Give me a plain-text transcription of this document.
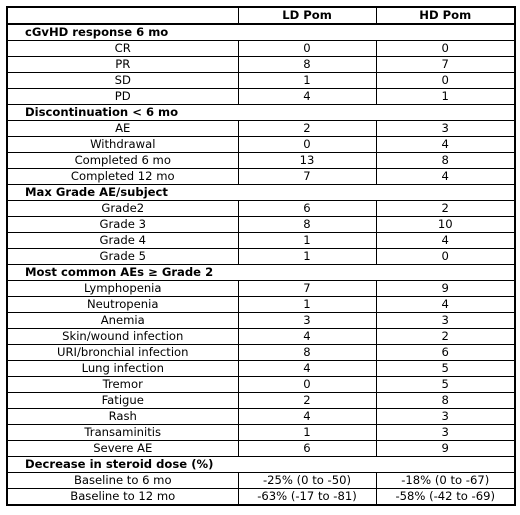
	LD Pom	HD Pom
cGvHD response 6 mo		
CR	0	0
PR	8	7
SD	1	0
PD	4	1
Discontinuation < 6 mo		
AE	2	3
Withdrawal	0	4
Completed 6 mo	13	8
Completed 12 mo	7	4
Max Grade AE/subject		
Grade2	6	2
Grade 3	8	10
Grade 4	1	4
Grade 5	1	0
Most common AEs ≥ Grade 2		
Lymphopenia	7	9
Neutropenia	1	4
Anemia	3	3
Skin/wound infection	4	2
URI/bronchial infection	8	6
Lung infection	4	5
Tremor	0	5
Fatigue	2	8
Rash	4	3
Transaminitis	1	3
Severe AE	6	9
Decrease in steroid dose (%)		
Baseline to 6 mo	-25% (0 to -50)	-18% (0 to -67)
Baseline to 12 mo	-63% (-17 to -81)	-58% (-42 to -69)
